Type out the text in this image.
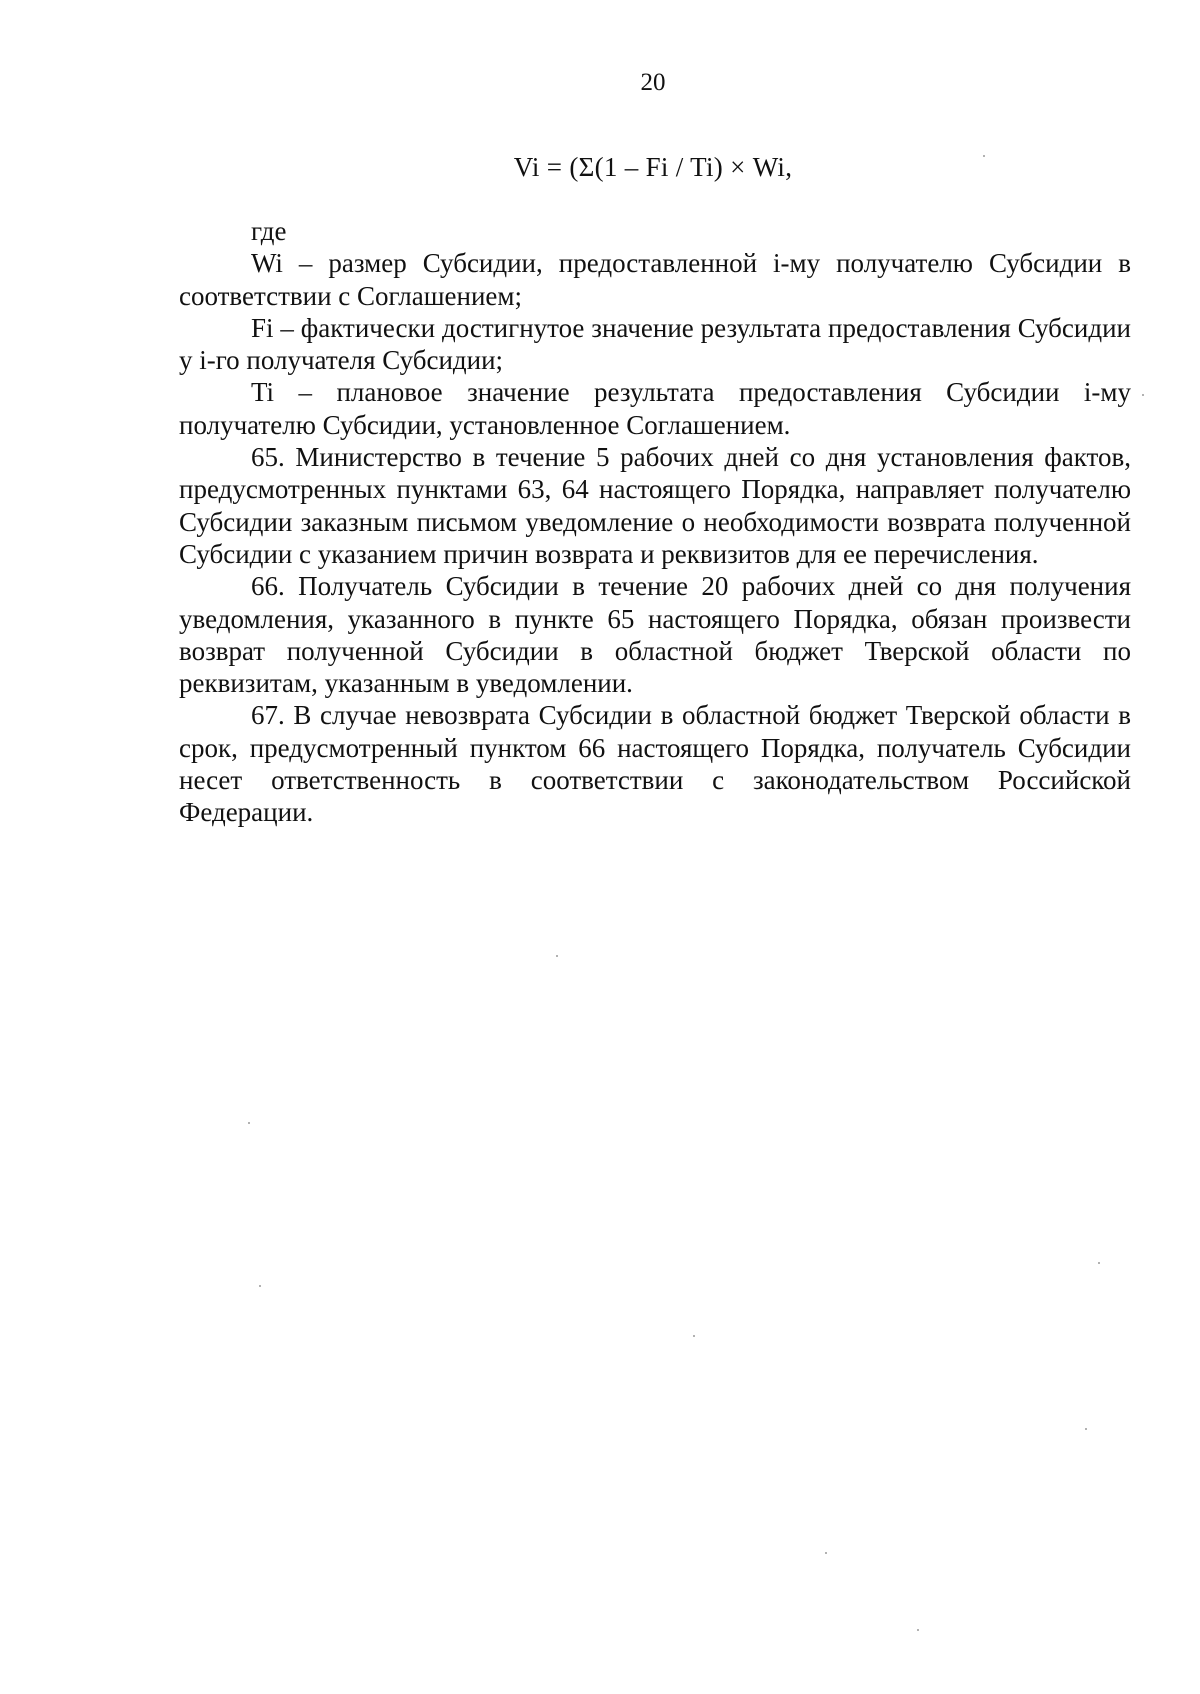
20
Vi = (Σ(1 – Fi / Ti) × Wi,

где

Wi – размер Субсидии, предоставленной i-му получателю Субсидии в соответствии с Соглашением;

Fi – фактически достигнутое значение результата предоставления Субсидии у i-го получателя Субсидии;

Ti – плановое значение результата предоставления Субсидии i-му получателю Субсидии, установленное Соглашением.

65. Министерство в течение 5 рабочих дней со дня установления фактов, предусмотренных пунктами 63, 64 настоящего Порядка, направляет получателю Субсидии заказным письмом уведомление о необходимости возврата полученной Субсидии с указанием причин возврата и реквизитов для ее перечисления.

66. Получатель Субсидии в течение 20 рабочих дней со дня получения уведомления, указанного в пункте 65 настоящего Порядка, обязан произвести возврат полученной Субсидии в областной бюджет Тверской области по реквизитам, указанным в уведомлении.

67. В случае невозврата Субсидии в областной бюджет Тверской области в срок, предусмотренный пунктом 66 настоящего Порядка, получатель Субсидии несет ответственность в соответствии с законодательством Российской Федерации.
